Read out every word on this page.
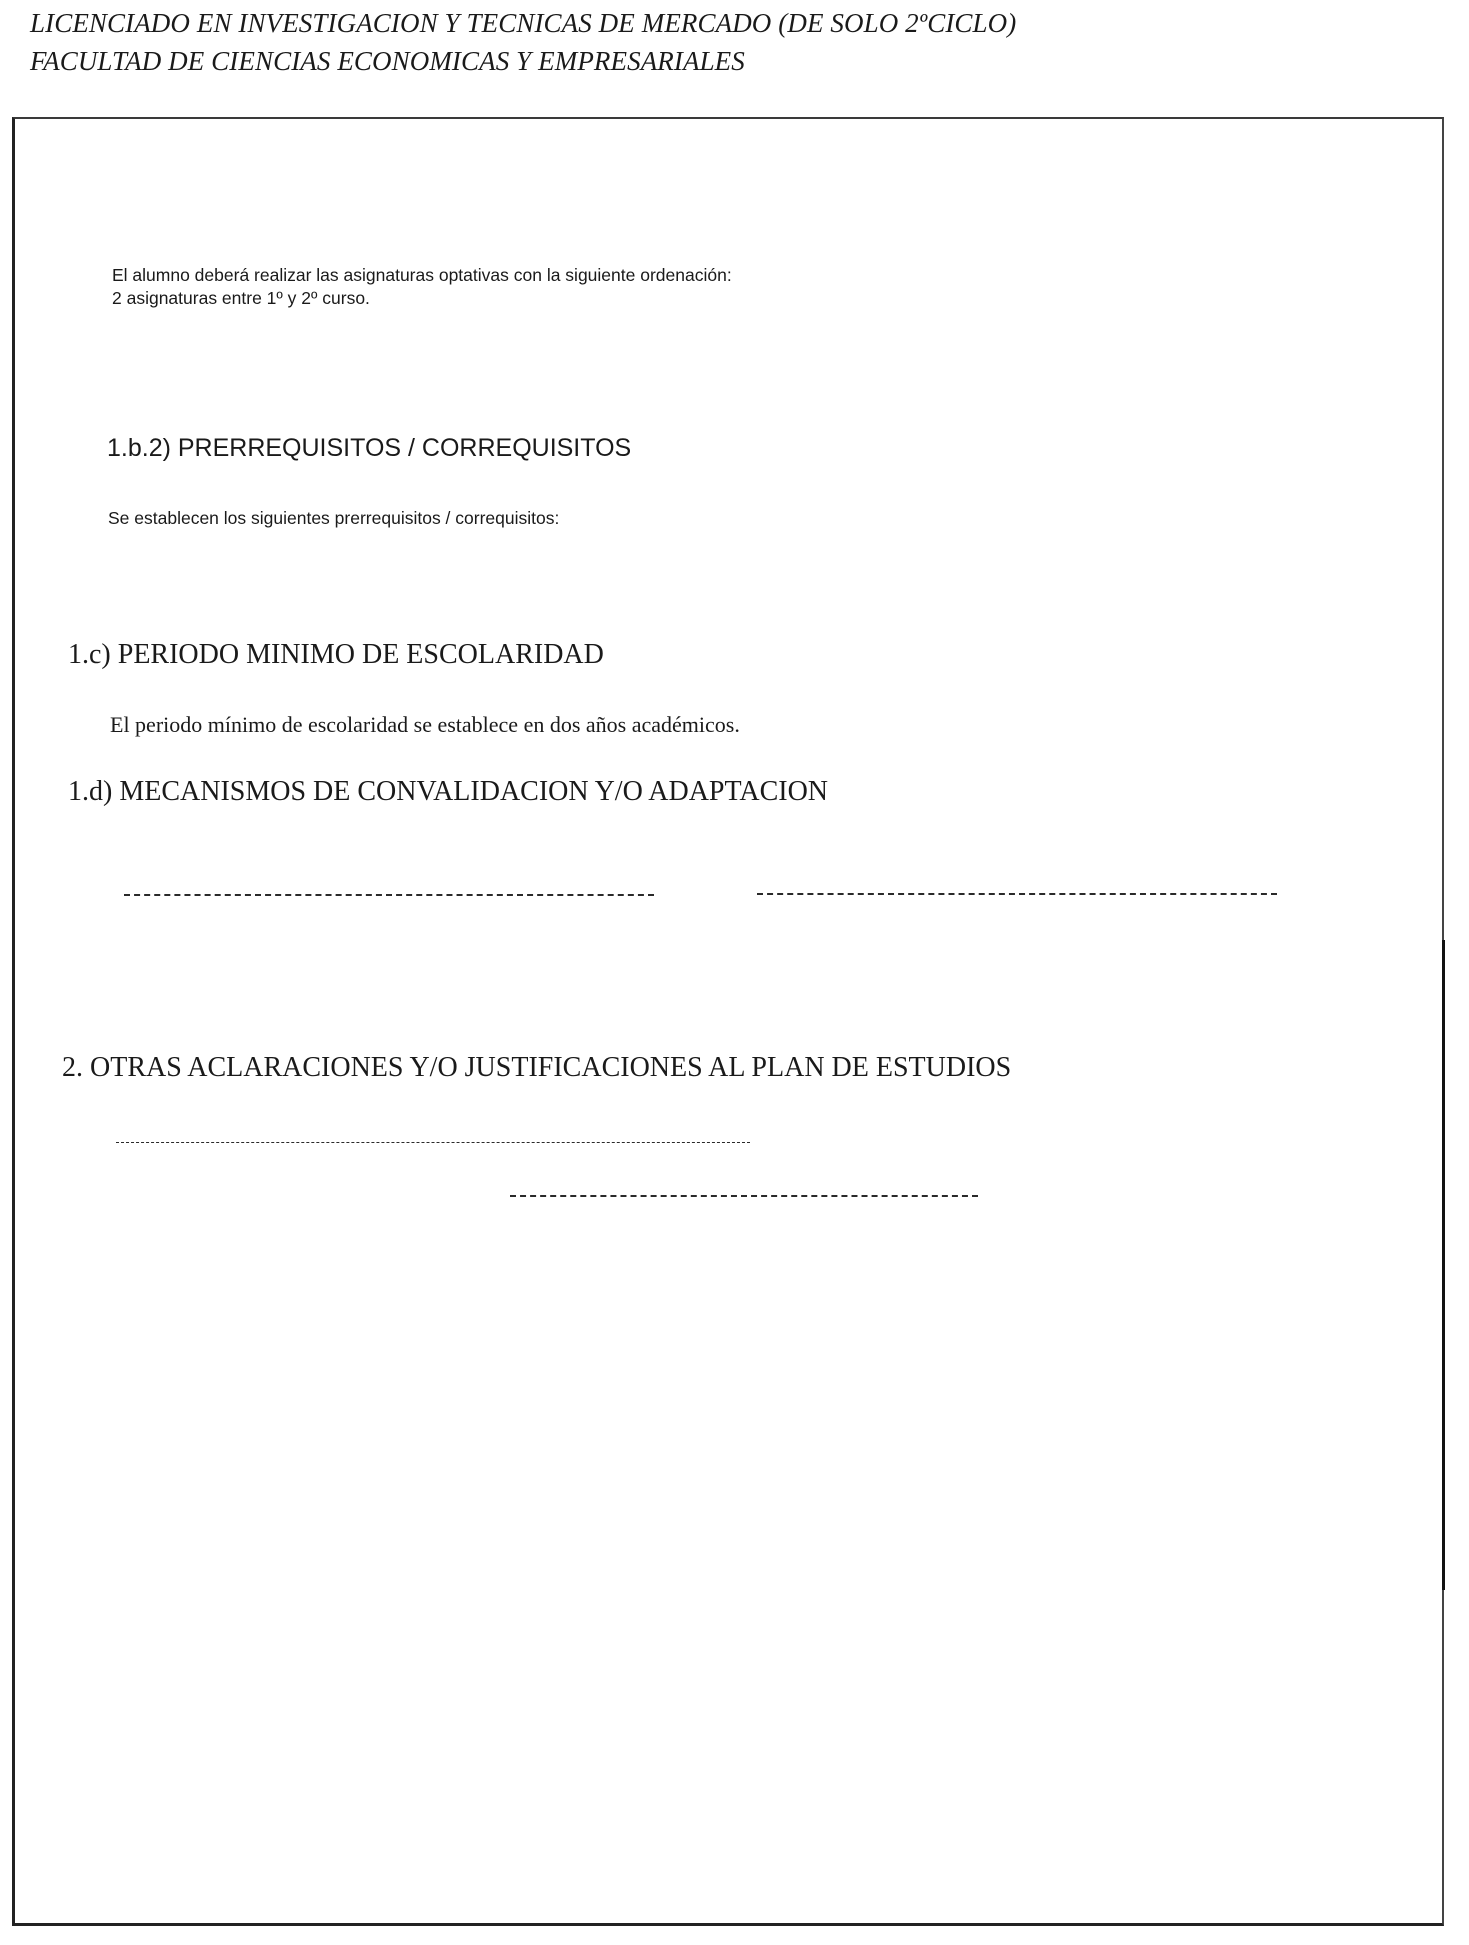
LICENCIADO EN INVESTIGACION Y TECNICAS DE MERCADO (DE SOLO 2ºCICLO)
FACULTAD DE CIENCIAS ECONOMICAS Y EMPRESARIALES
El alumno deberá realizar las asignaturas optativas con la siguiente ordenación:
2 asignaturas entre 1º y 2º curso.
1.b.2) PRERREQUISITOS / CORREQUISITOS
Se establecen los siguientes prerrequisitos / correquisitos:
1.c) PERIODO MINIMO DE ESCOLARIDAD
El periodo mínimo de escolaridad se establece en dos años académicos.
1.d) MECANISMOS DE CONVALIDACION Y/O ADAPTACION
2. OTRAS ACLARACIONES Y/O JUSTIFICACIONES AL PLAN DE ESTUDIOS
